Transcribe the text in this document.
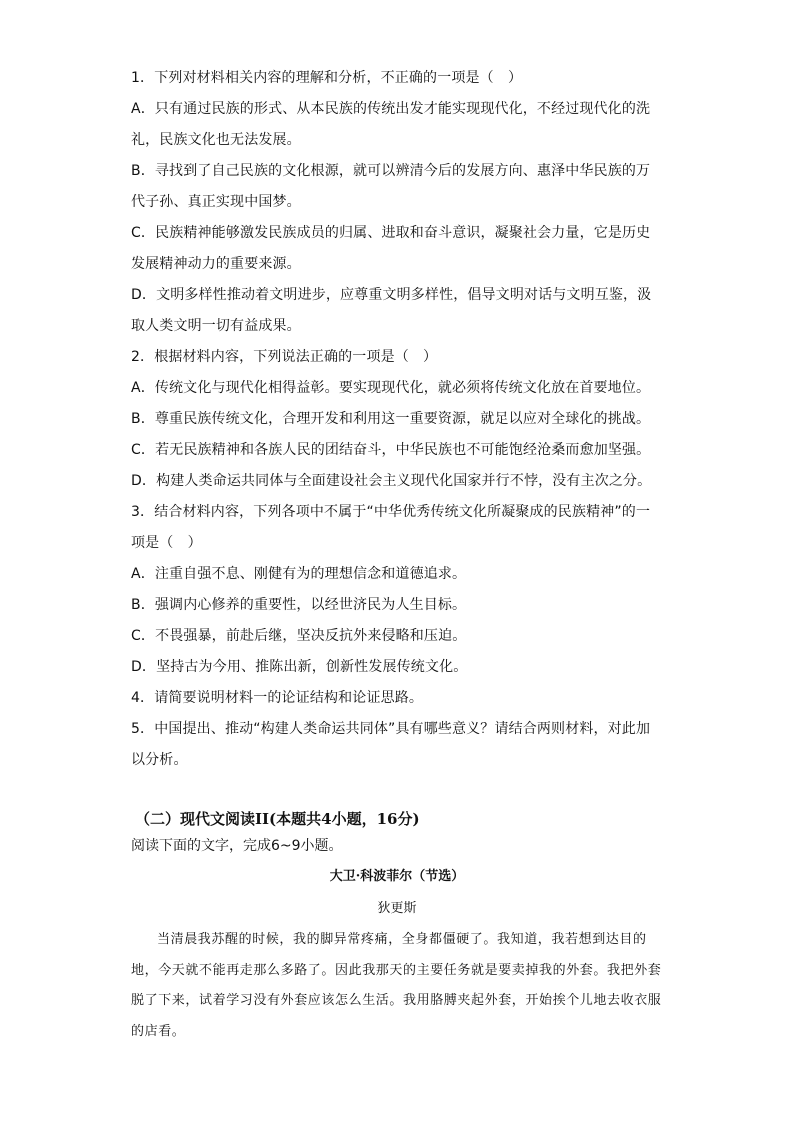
1．下列对材料相关内容的理解和分析，不正确的一项是（　）

A．只有通过民族的形式、从本民族的传统出发才能实现现代化，不经过现代化的洗礼，民族文化也无法发展。

B．寻找到了自己民族的文化根源，就可以辨清今后的发展方向、惠泽中华民族的万代子孙、真正实现中国梦。

C．民族精神能够激发民族成员的归属、进取和奋斗意识，凝聚社会力量，它是历史发展精神动力的重要来源。

D．文明多样性推动着文明进步，应尊重文明多样性，倡导文明对话与文明互鉴，汲取人类文明一切有益成果。

2．根据材料内容，下列说法正确的一项是（　）

A．传统文化与现代化相得益彰。要实现现代化，就必须将传统文化放在首要地位。

B．尊重民族传统文化，合理开发和利用这一重要资源，就足以应对全球化的挑战。

C．若无民族精神和各族人民的团结奋斗，中华民族也不可能饱经沧桑而愈加坚强。

D．构建人类命运共同体与全面建设社会主义现代化国家并行不悖，没有主次之分。

3．结合材料内容，下列各项中不属于“中华优秀传统文化所凝聚成的民族精神”的一项是（　）

A．注重自强不息、刚健有为的理想信念和道德追求。

B．强调内心修养的重要性，以经世济民为人生目标。

C．不畏强暴，前赴后继，坚决反抗外来侵略和压迫。

D．坚持古为今用、推陈出新，创新性发展传统文化。

4．请简要说明材料一的论证结构和论证思路。

5．中国提出、推动“构建人类命运共同体”具有哪些意义？请结合两则材料，对此加以分析。

（二）现代文阅读II(本题共4小题，16分)
阅读下面的文字，完成6~9小题。
大卫·科波菲尔（节选）
狄更斯

当清晨我苏醒的时候，我的脚异常疼痛，全身都僵硬了。我知道，我若想到达目的地，今天就不能再走那么多路了。因此我那天的主要任务就是要卖掉我的外套。我把外套脱了下来，试着学习没有外套应该怎么生活。我用胳膊夹起外套，开始挨个儿地去收衣服的店看。
